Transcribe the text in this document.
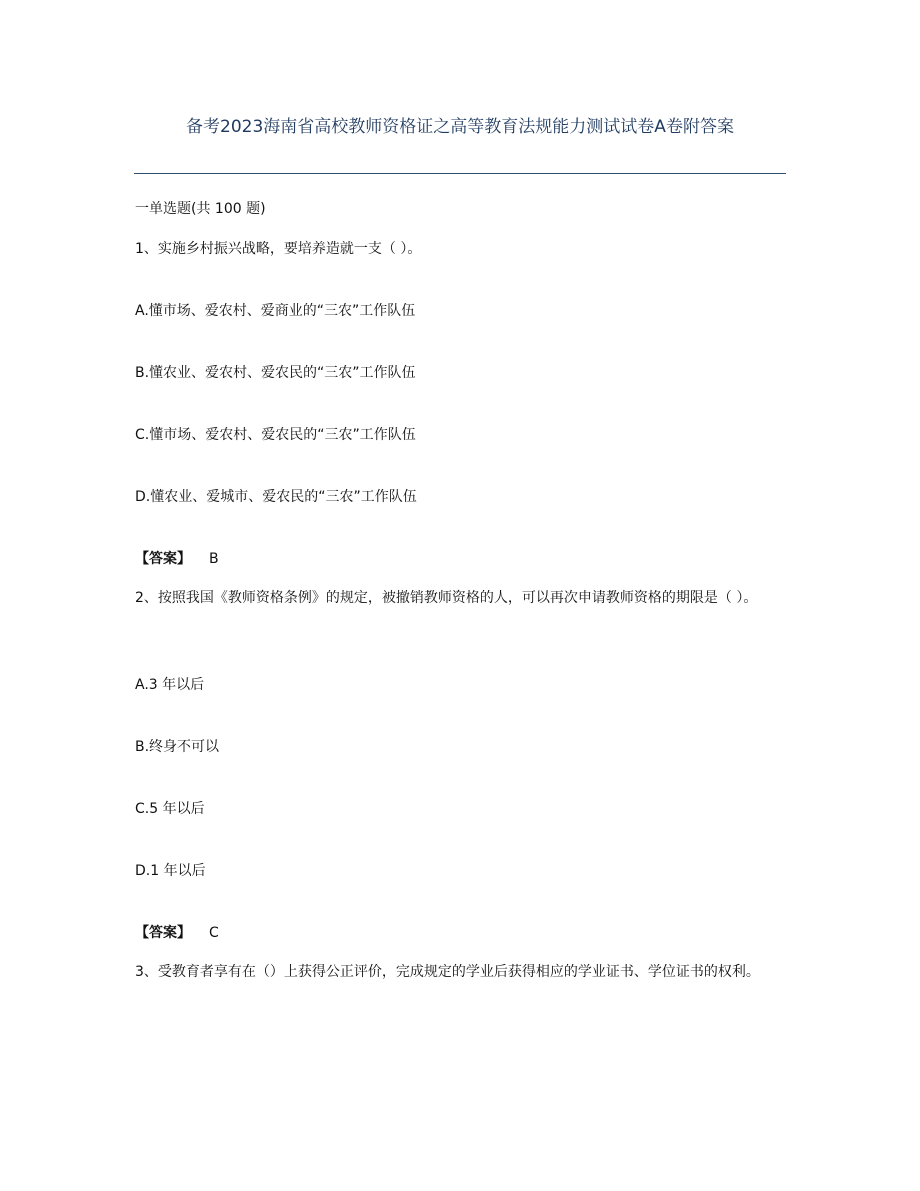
备考2023海南省高校教师资格证之高等教育法规能力测试试卷A卷附答案
一单选题(共 100 题)
1、实施乡村振兴战略，要培养造就一支（ ）。
A.懂市场、爱农村、爱商业的“三农”工作队伍
B.懂农业、爱农村、爱农民的“三农”工作队伍
C.懂市场、爱农村、爱农民的“三农”工作队伍
D.懂农业、爱城市、爱农民的“三农”工作队伍
【答案】 B
2、按照我国《教师资格条例》的规定，被撤销教师资格的人，可以再次申请教师资格的期限是（ ）。
A.3 年以后
B.终身不可以
C.5 年以后
D.1 年以后
【答案】 C
3、受教育者享有在（）上获得公正评价，完成规定的学业后获得相应的学业证书、学位证书的权利。
